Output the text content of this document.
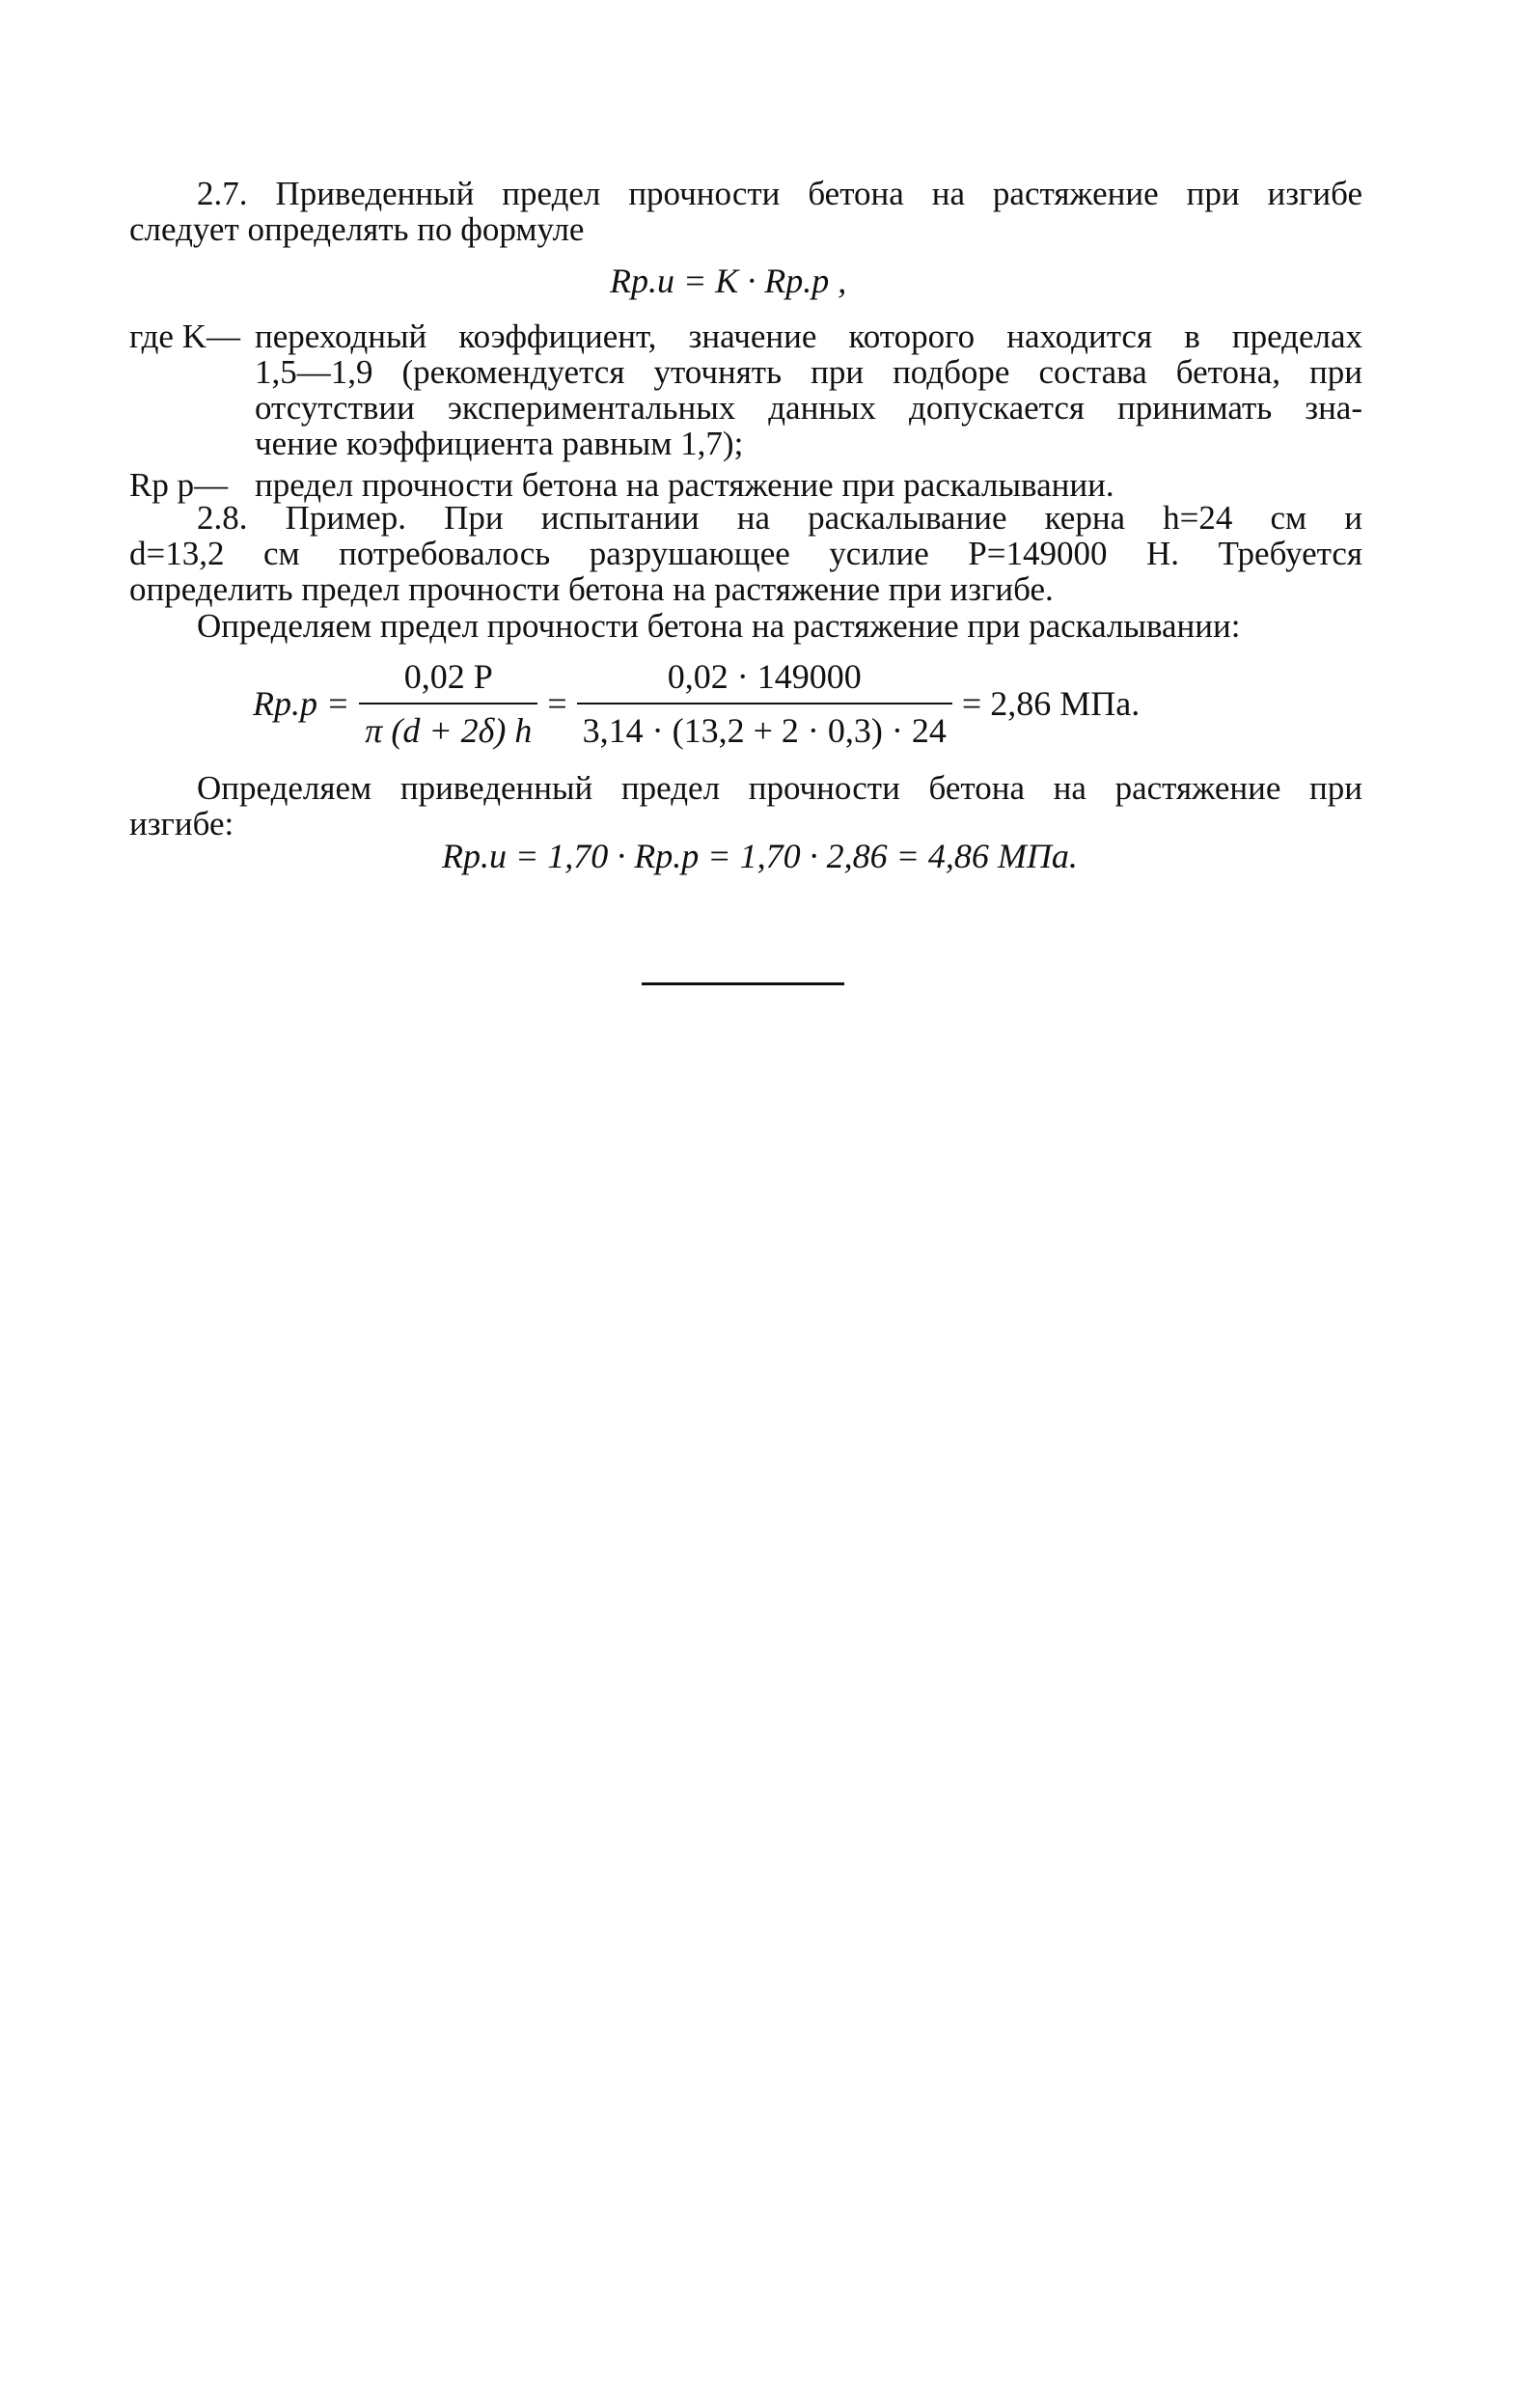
2.7. Приведенный предел прочности бетона на растяжение при изгибе

следует определять по формуле

Rр.и = K · Rр.р ,
где K— переходный коэффициент, значение которого находится в пределах
1,5—1,9 (рекомендуется уточнять при подборе состава бетона, при
отсутствии экспериментальных данных допускается принимать зна-
чение коэффициента равным 1,7);
Rр р— предел прочности бетона на растяжение при раскалывании.

2.8. Пример. При испытании на раскалывание керна h=24 см и

d=13,2 см потребовалось разрушающее усилие P=149000 Н. Требуется

определить предел прочности бетона на растяжение при изгибе.

Определяем предел прочности бетона на растяжение при раскалывании:

$Rр.р = \frac{0,02 P}{\pi (d + 2\delta) h} = \frac{0,02 \cdot 149000}{3,14 \cdot (13,2 + 2 \cdot 0,3) \cdot 24} = 2,86$ МПа.

Определяем приведенный предел прочности бетона на растяжение при

изгибе:

Rр.и = 1,70 · Rр.р = 1,70 · 2,86 = 4,86 МПа.
